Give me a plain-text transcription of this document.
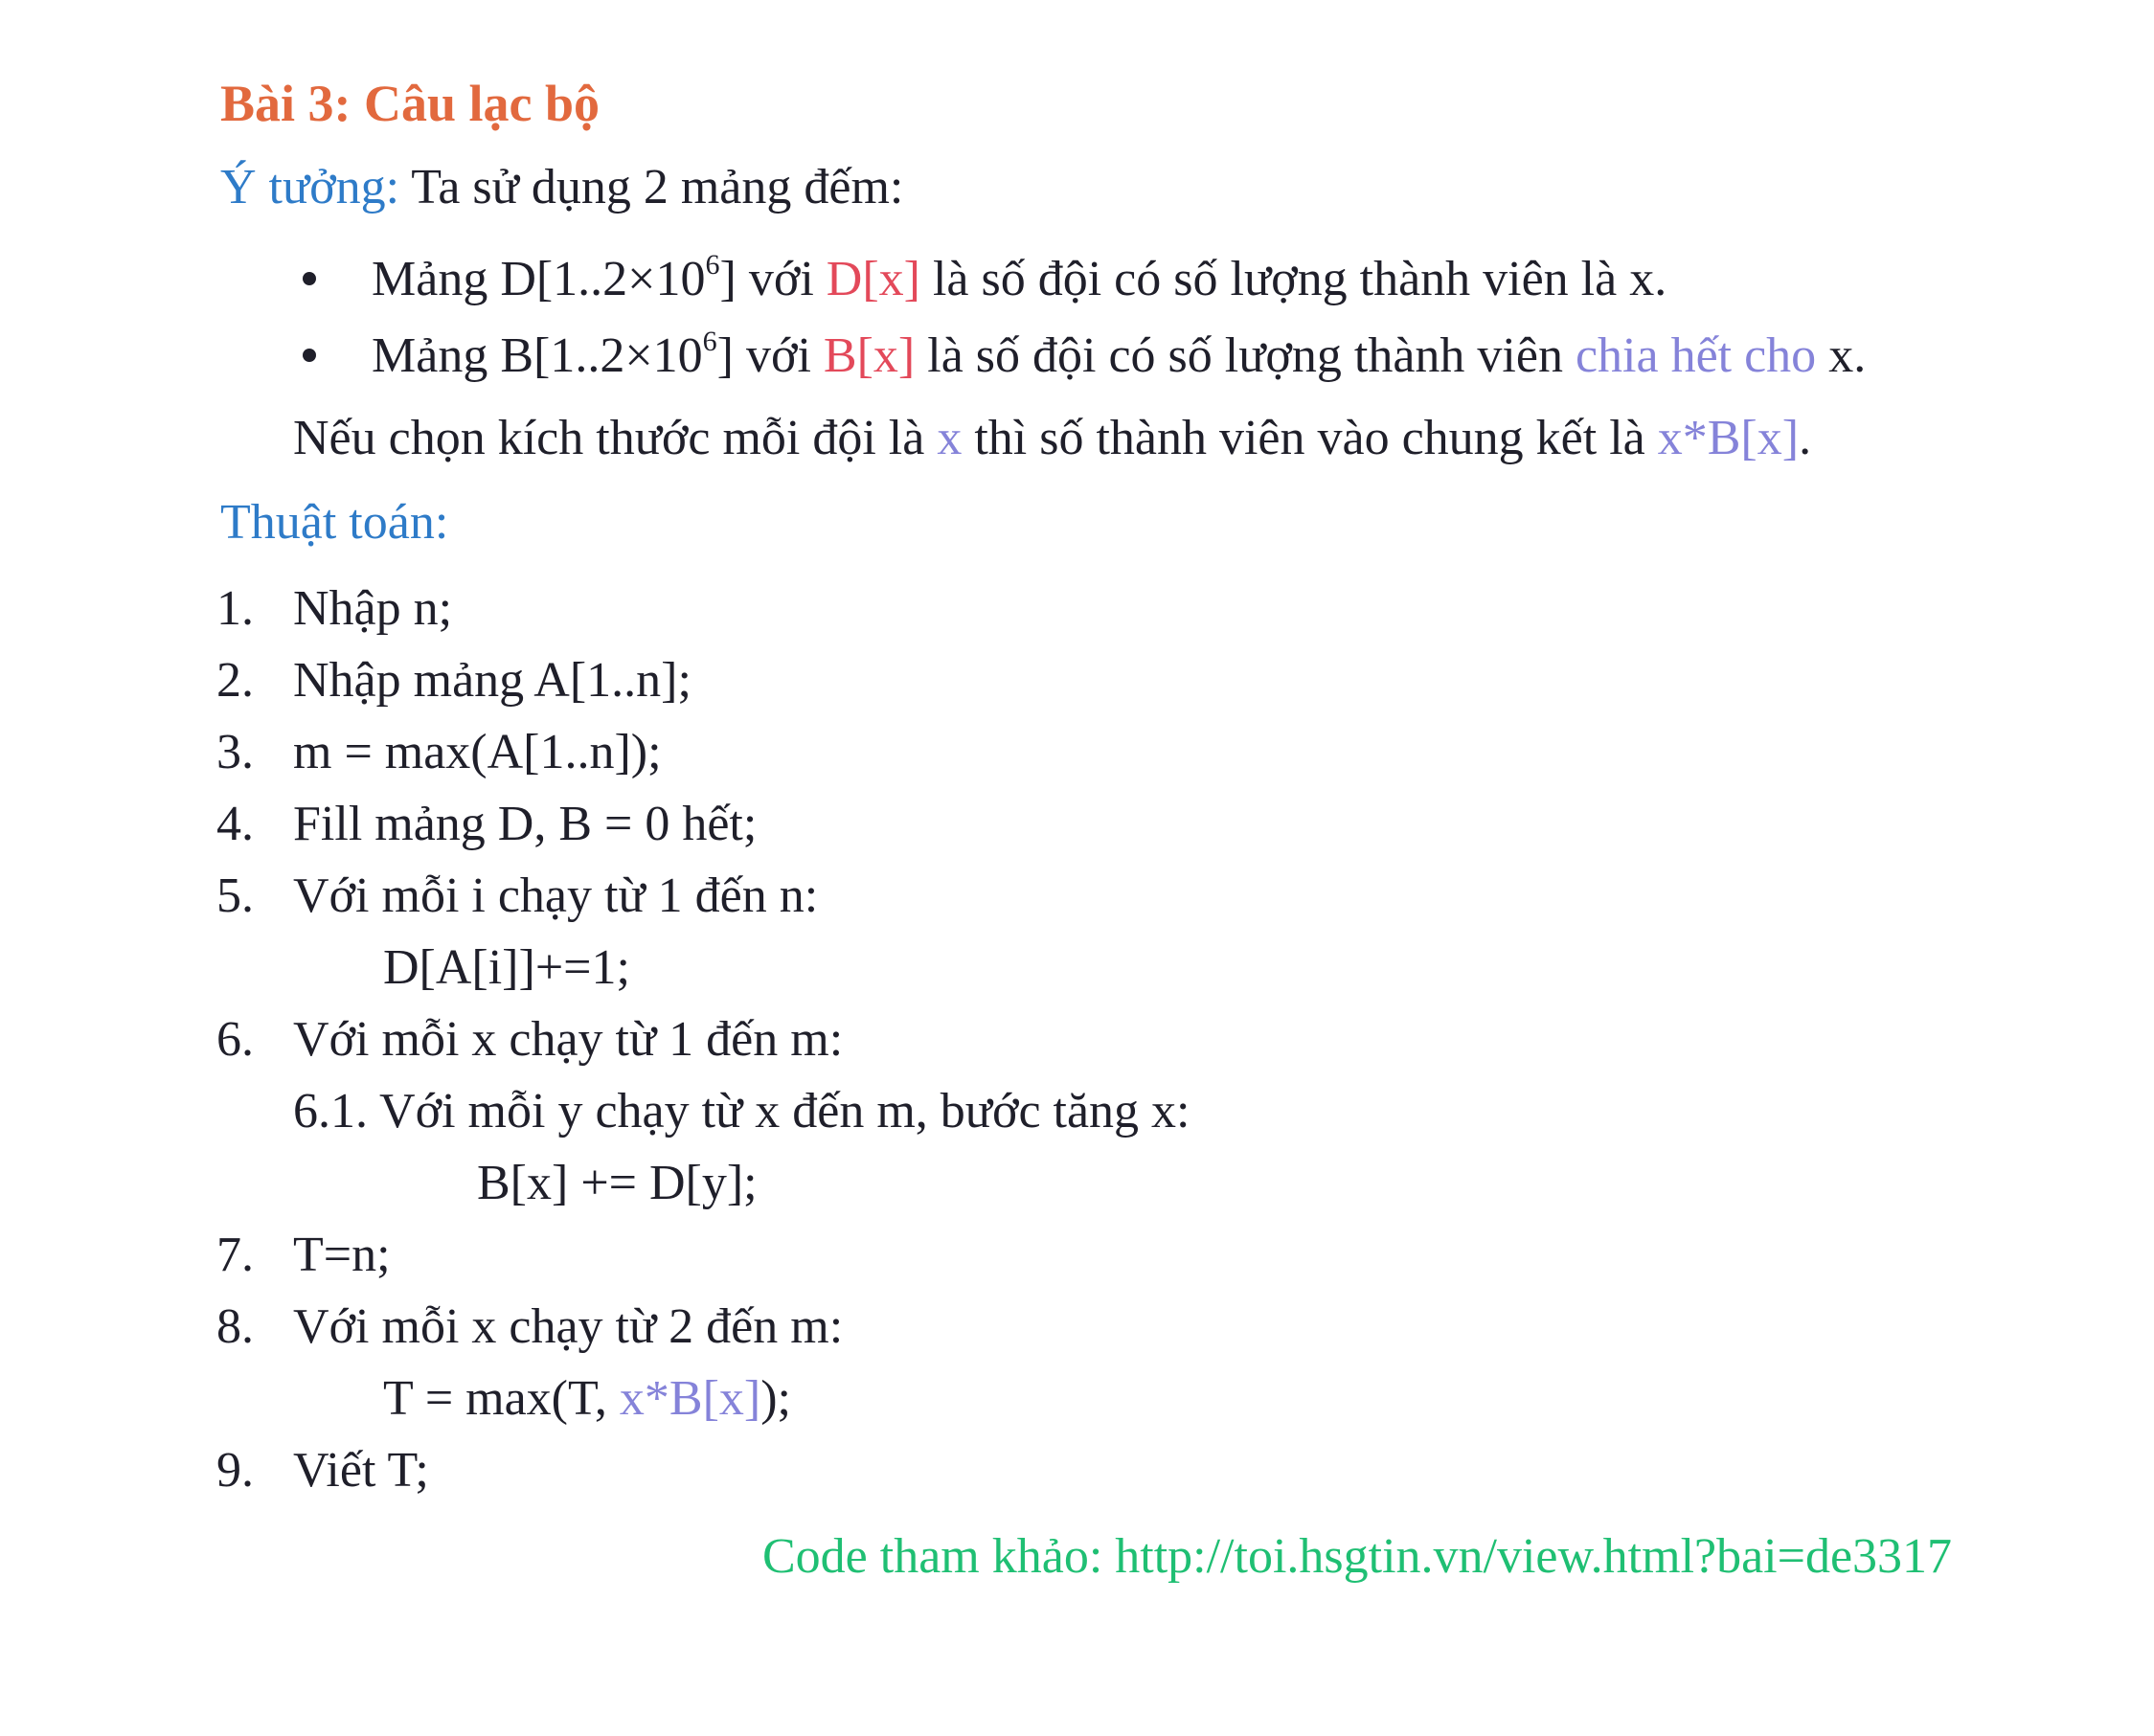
Bài 3: Câu lạc bộ
Ý tưởng: Ta sử dụng 2 mảng đếm:
Mảng $D[1..2\times 10^6]$ với D[x] là số đội có số lượng thành viên là x.
Mảng $B[1..2\times 10^6]$ với B[x] là số đội có số lượng thành viên chia hết cho x.
Nếu chọn kích thước mỗi đội là x thì số thành viên vào chung kết là x*B[x].
Thuật toán:
1. Nhập n;
2. Nhập mảng A[1..n];
3. m = max(A[1..n]);
4. Fill mảng D, B = 0 hết;
5. Với mỗi i chạy từ 1 đến n:
D[A[i]]+=1;
6. Với mỗi x chạy từ 1 đến m:
6.1. Với mỗi y chạy từ x đến m, bước tăng x:
B[x] += D[y];
7. T=n;
8. Với mỗi x chạy từ 2 đến m:
T = max(T, x*B[x]);
9. Viết T;
Code tham khảo: http://toi.hsgtin.vn/view.html?bai=de3317
